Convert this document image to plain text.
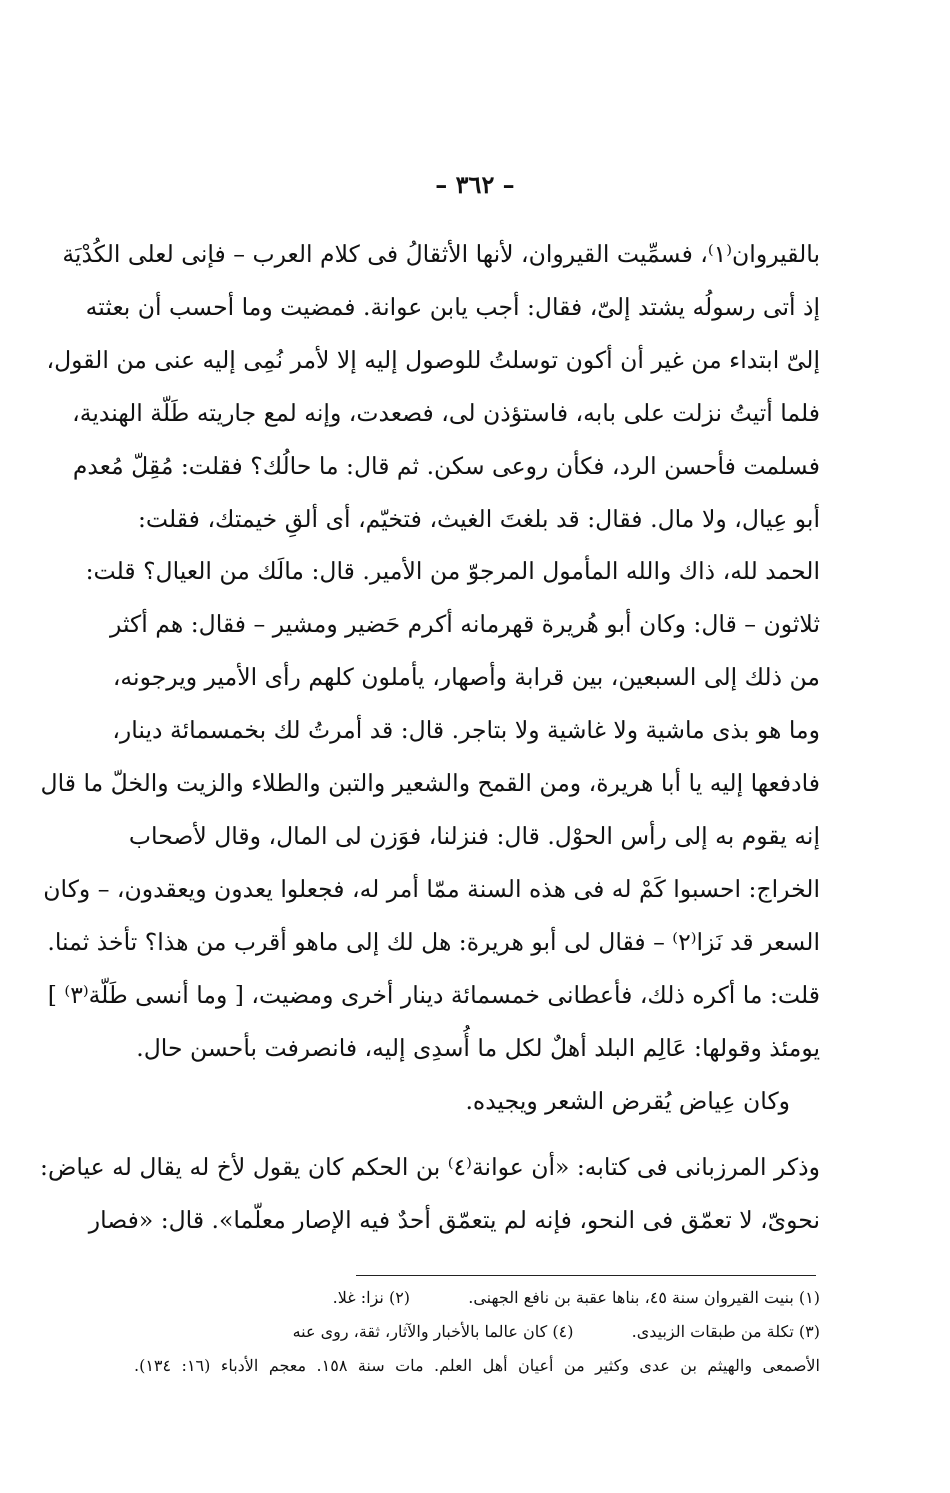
– ٣٦٢ –
بالقيروان⁽١⁾، فسمِّيت القيروان، لأنها الأثقالُ فى كلام العرب – فإنى لعلى الكُدْيَة
إذ أتى رسولُه يشتد إلىّ، فقال: أجب يابن عوانة. فمضيت وما أحسب أن بعثته
إلىّ ابتداء من غير أن أكون توسلتُ للوصول إليه إلا لأمر نُمِى إليه عنى من القول،
فلما أتيتُ نزلت على بابه، فاستؤذن لى، فصعدت، وإنه لمع جاريته طَلّة الهندية،
فسلمت فأحسن الرد، فكأن روعى سكن. ثم قال: ما حالُك؟ فقلت: مُقِلّ مُعدم
أبو عِيال، ولا مال. فقال: قد بلغتَ الغيث، فتخيّم، أى ألقِ خيمتك، فقلت:
الحمد لله، ذاك والله المأمول المرجوّ من الأمير. قال: مالَك من العيال؟ قلت:
ثلاثون – قال: وكان أبو هُريرة قهرمانه أكرم حَضير ومشير – فقال: هم أكثر
من ذلك إلى السبعين، بين قرابة وأصهار، يأملون كلهم رأى الأمير ويرجونه،
وما هو بذى ماشية ولا غاشية ولا بتاجر. قال: قد أمرتُ لك بخمسمائة دينار،
فادفعها إليه يا أبا هريرة، ومن القمح والشعير والتبن والطلاء والزيت والخلّ ما قال
إنه يقوم به إلى رأس الحوْل. قال: فنزلنا، فوَزن لى المال، وقال لأصحاب
الخراج: احسبوا كَمْ له فى هذه السنة ممّا أمر له، فجعلوا يعدون ويعقدون، – وكان
السعر قد نَزا⁽٢⁾ – فقال لى أبو هريرة: هل لك إلى ماهو أقرب من هذا؟ تأخذ ثمنا.
قلت: ما أكره ذلك، فأعطانى خمسمائة دينار أخرى ومضيت، [ وما أنسى طَلّة⁽٣⁾ ]
يومئذ وقولها: عَالِم البلد أهلٌ لكل ما أُسدِى إليه، فانصرفت بأحسن حال.
وكان عِياض يُقرض الشعر ويجيده.
وذكر المرزبانى فى كتابه: «أن عوانة⁽٤⁾ بن الحكم كان يقول لأخ له يقال له عياض:
نحوىّ، لا تعمّق فى النحو، فإنه لم يتعمّق أحدٌ فيه الإصار معلّما». قال: «فصار
(١) بنيت القيروان سنة ٤٥، بناها عقبة بن نافع الجهنى.  (٢) نزا: غلا.
(٣) تكلة من طبقات الزبيدى.  (٤) كان عالما بالأخبار والآثار، ثقة، روى عنه
الأصمعى والهيثم بن عدى وكثير من أعيان أهل العلم. مات سنة ١٥٨. معجم الأدباء (١٦: ١٣٤).
